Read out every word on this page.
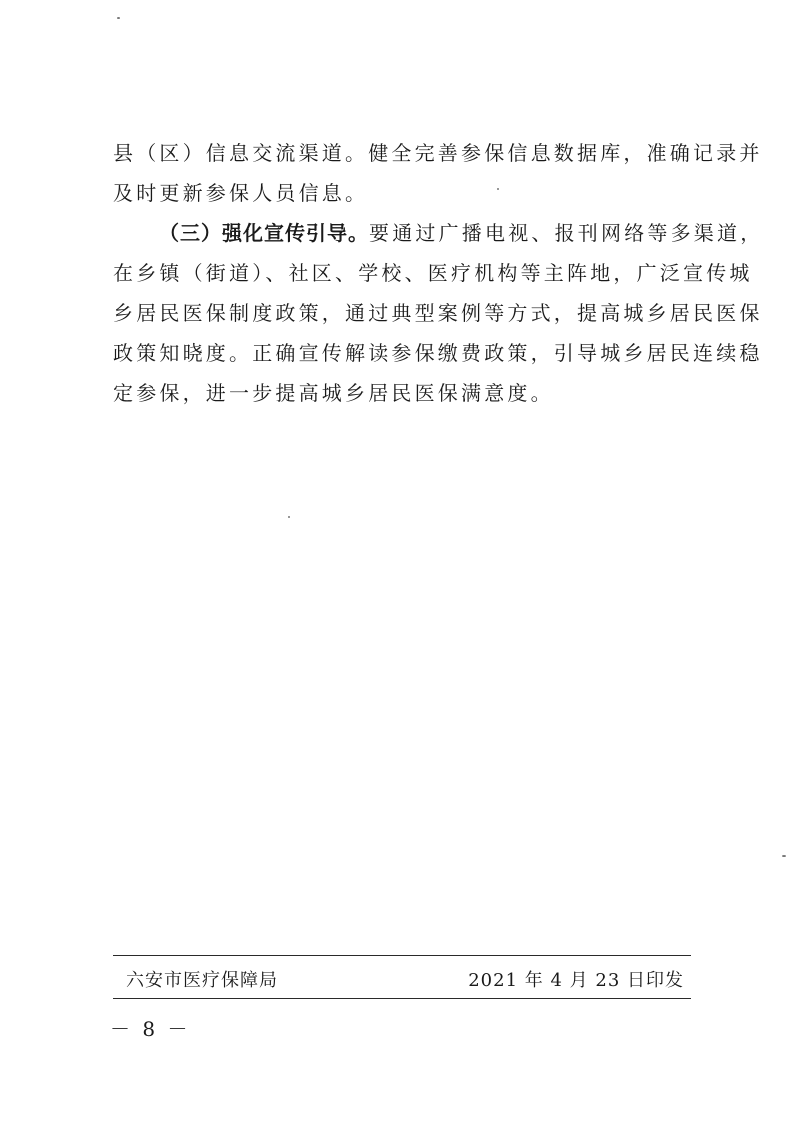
县（区）信息交流渠道。健全完善参保信息数据库，准确记录并
及时更新参保人员信息。
（三）强化宣传引导。要通过广播电视、报刊网络等多渠道，
在乡镇（街道）、社区、学校、医疗机构等主阵地，广泛宣传城
乡居民医保制度政策，通过典型案例等方式，提高城乡居民医保
政策知晓度。正确宣传解读参保缴费政策，引导城乡居民连续稳
定参保，进一步提高城乡居民医保满意度。
六安市医疗保障局	2021 年 4 月 23 日印发
－ 8 －
